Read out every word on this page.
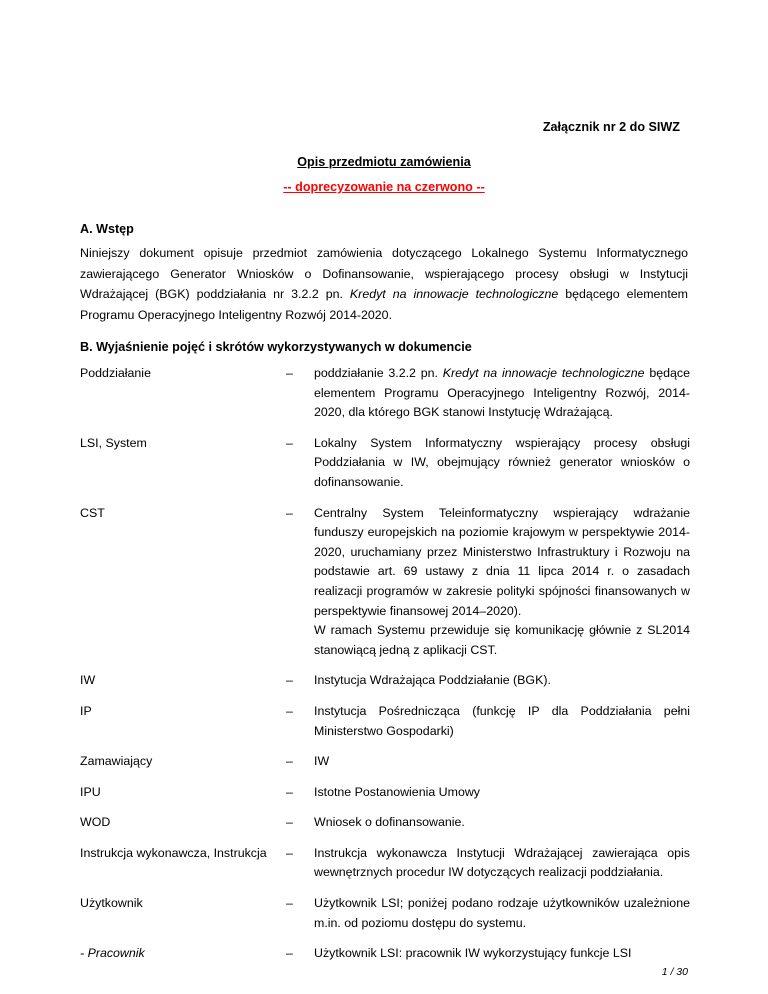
Załącznik nr 2 do SIWZ
Opis przedmiotu zamówienia
-- doprecyzowanie na czerwono --
A. Wstęp
Niniejszy dokument opisuje przedmiot zamówienia dotyczącego Lokalnego Systemu Informatycznego zawierającego Generator Wniosków o Dofinansowanie, wspierającego procesy obsługi w Instytucji Wdrażającej (BGK) poddziałania nr 3.2.2 pn. Kredyt na innowacje technologiczne będącego elementem Programu Operacyjnego Inteligentny Rozwój 2014-2020.
B. Wyjaśnienie pojęć i skrótów wykorzystywanych w dokumencie
Poddziałanie	–	poddziałanie 3.2.2 pn. Kredyt na innowacje technologiczne będące elementem Programu Operacyjnego Inteligentny Rozwój, 2014-2020, dla którego BGK stanowi Instytucję Wdrażającą.
LSI, System	–	Lokalny System Informatyczny wspierający procesy obsługi Poddziałania w IW, obejmujący również generator wniosków o dofinansowanie.
CST	–	Centralny System Teleinformatyczny wspierający wdrażanie funduszy europejskich na poziomie krajowym w perspektywie 2014-2020, uruchamiany przez Ministerstwo Infrastruktury i Rozwoju na podstawie art. 69 ustawy z dnia 11 lipca 2014 r. o zasadach realizacji programów w zakresie polityki spójności finansowanych w perspektywie finansowej 2014–2020).
W ramach Systemu przewiduje się komunikację głównie z SL2014 stanowiącą jedną z aplikacji CST.
IW	–	Instytucja Wdrażająca Poddziałanie (BGK).
IP	–	Instytucja Pośrednicząca (funkcję IP dla Poddziałania pełni Ministerstwo Gospodarki)
Zamawiający	–	IW
IPU	–	Istotne Postanowienia Umowy
WOD	–	Wniosek o dofinansowanie.
Instrukcja wykonawcza, Instrukcja	–	Instrukcja wykonawcza Instytucji Wdrażającej zawierająca opis wewnętrznych procedur IW dotyczących realizacji poddziałania.
Użytkownik	–	Użytkownik LSI; poniżej podano rodzaje użytkowników uzależnione m.in. od poziomu dostępu do systemu.
- Pracownik	–	Użytkownik LSI: pracownik IW wykorzystujący funkcje LSI
1 / 30
